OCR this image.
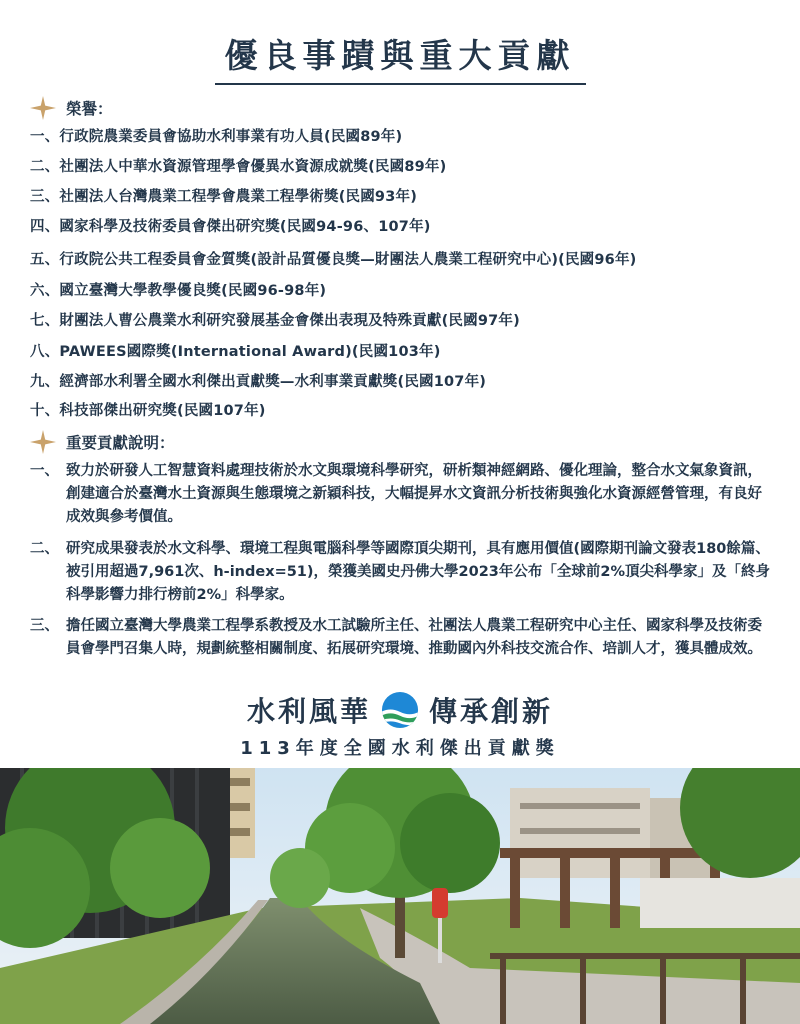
優良事蹟與重大貢獻
榮譽：
一、行政院農業委員會協助水利事業有功人員(民國89年)
二、社團法人中華水資源管理學會優異水資源成就獎(民國89年)
三、社團法人台灣農業工程學會農業工程學術獎(民國93年)
四、國家科學及技術委員會傑出研究獎(民國94-96、107年)
五、行政院公共工程委員會金質獎(設計品質優良獎—財團法人農業工程研究中心)(民國96年)
六、國立臺灣大學教學優良獎(民國96-98年)
七、財團法人曹公農業水利研究發展基金會傑出表現及特殊貢獻(民國97年)
八、PAWEES國際獎(International Award)(民國103年)
九、經濟部水利署全國水利傑出貢獻獎—水利事業貢獻獎(民國107年)
十、科技部傑出研究獎(民國107年)
重要貢獻說明：
一、 致力於研發人工智慧資料處理技術於水文與環境科學研究，研析類神經網路、優化理論，整合水文氣象資訊，創建適合於臺灣水土資源與生態環境之新穎科技，大幅提昇水文資訊分析技術與強化水資源經營管理，有良好成效與參考價值。
二、 研究成果發表於水文科學、環境工程與電腦科學等國際頂尖期刊，具有應用價值(國際期刊論文發表180餘篇、被引用超過7,961次、h-index=51)，榮獲美國史丹佛大學2023年公布「全球前2%頂尖科學家」及「終身科學影響力排行榜前2%」科學家。
三、 擔任國立臺灣大學農業工程學系教授及水工試驗所主任、社團法人農業工程研究中心主任、國家科學及技術委員會學門召集人時，規劃統整相關制度、拓展研究環境、推動國內外科技交流合作、培訓人才，獲具體成效。
水利風華 傳承創新
113年度全國水利傑出貢獻獎
